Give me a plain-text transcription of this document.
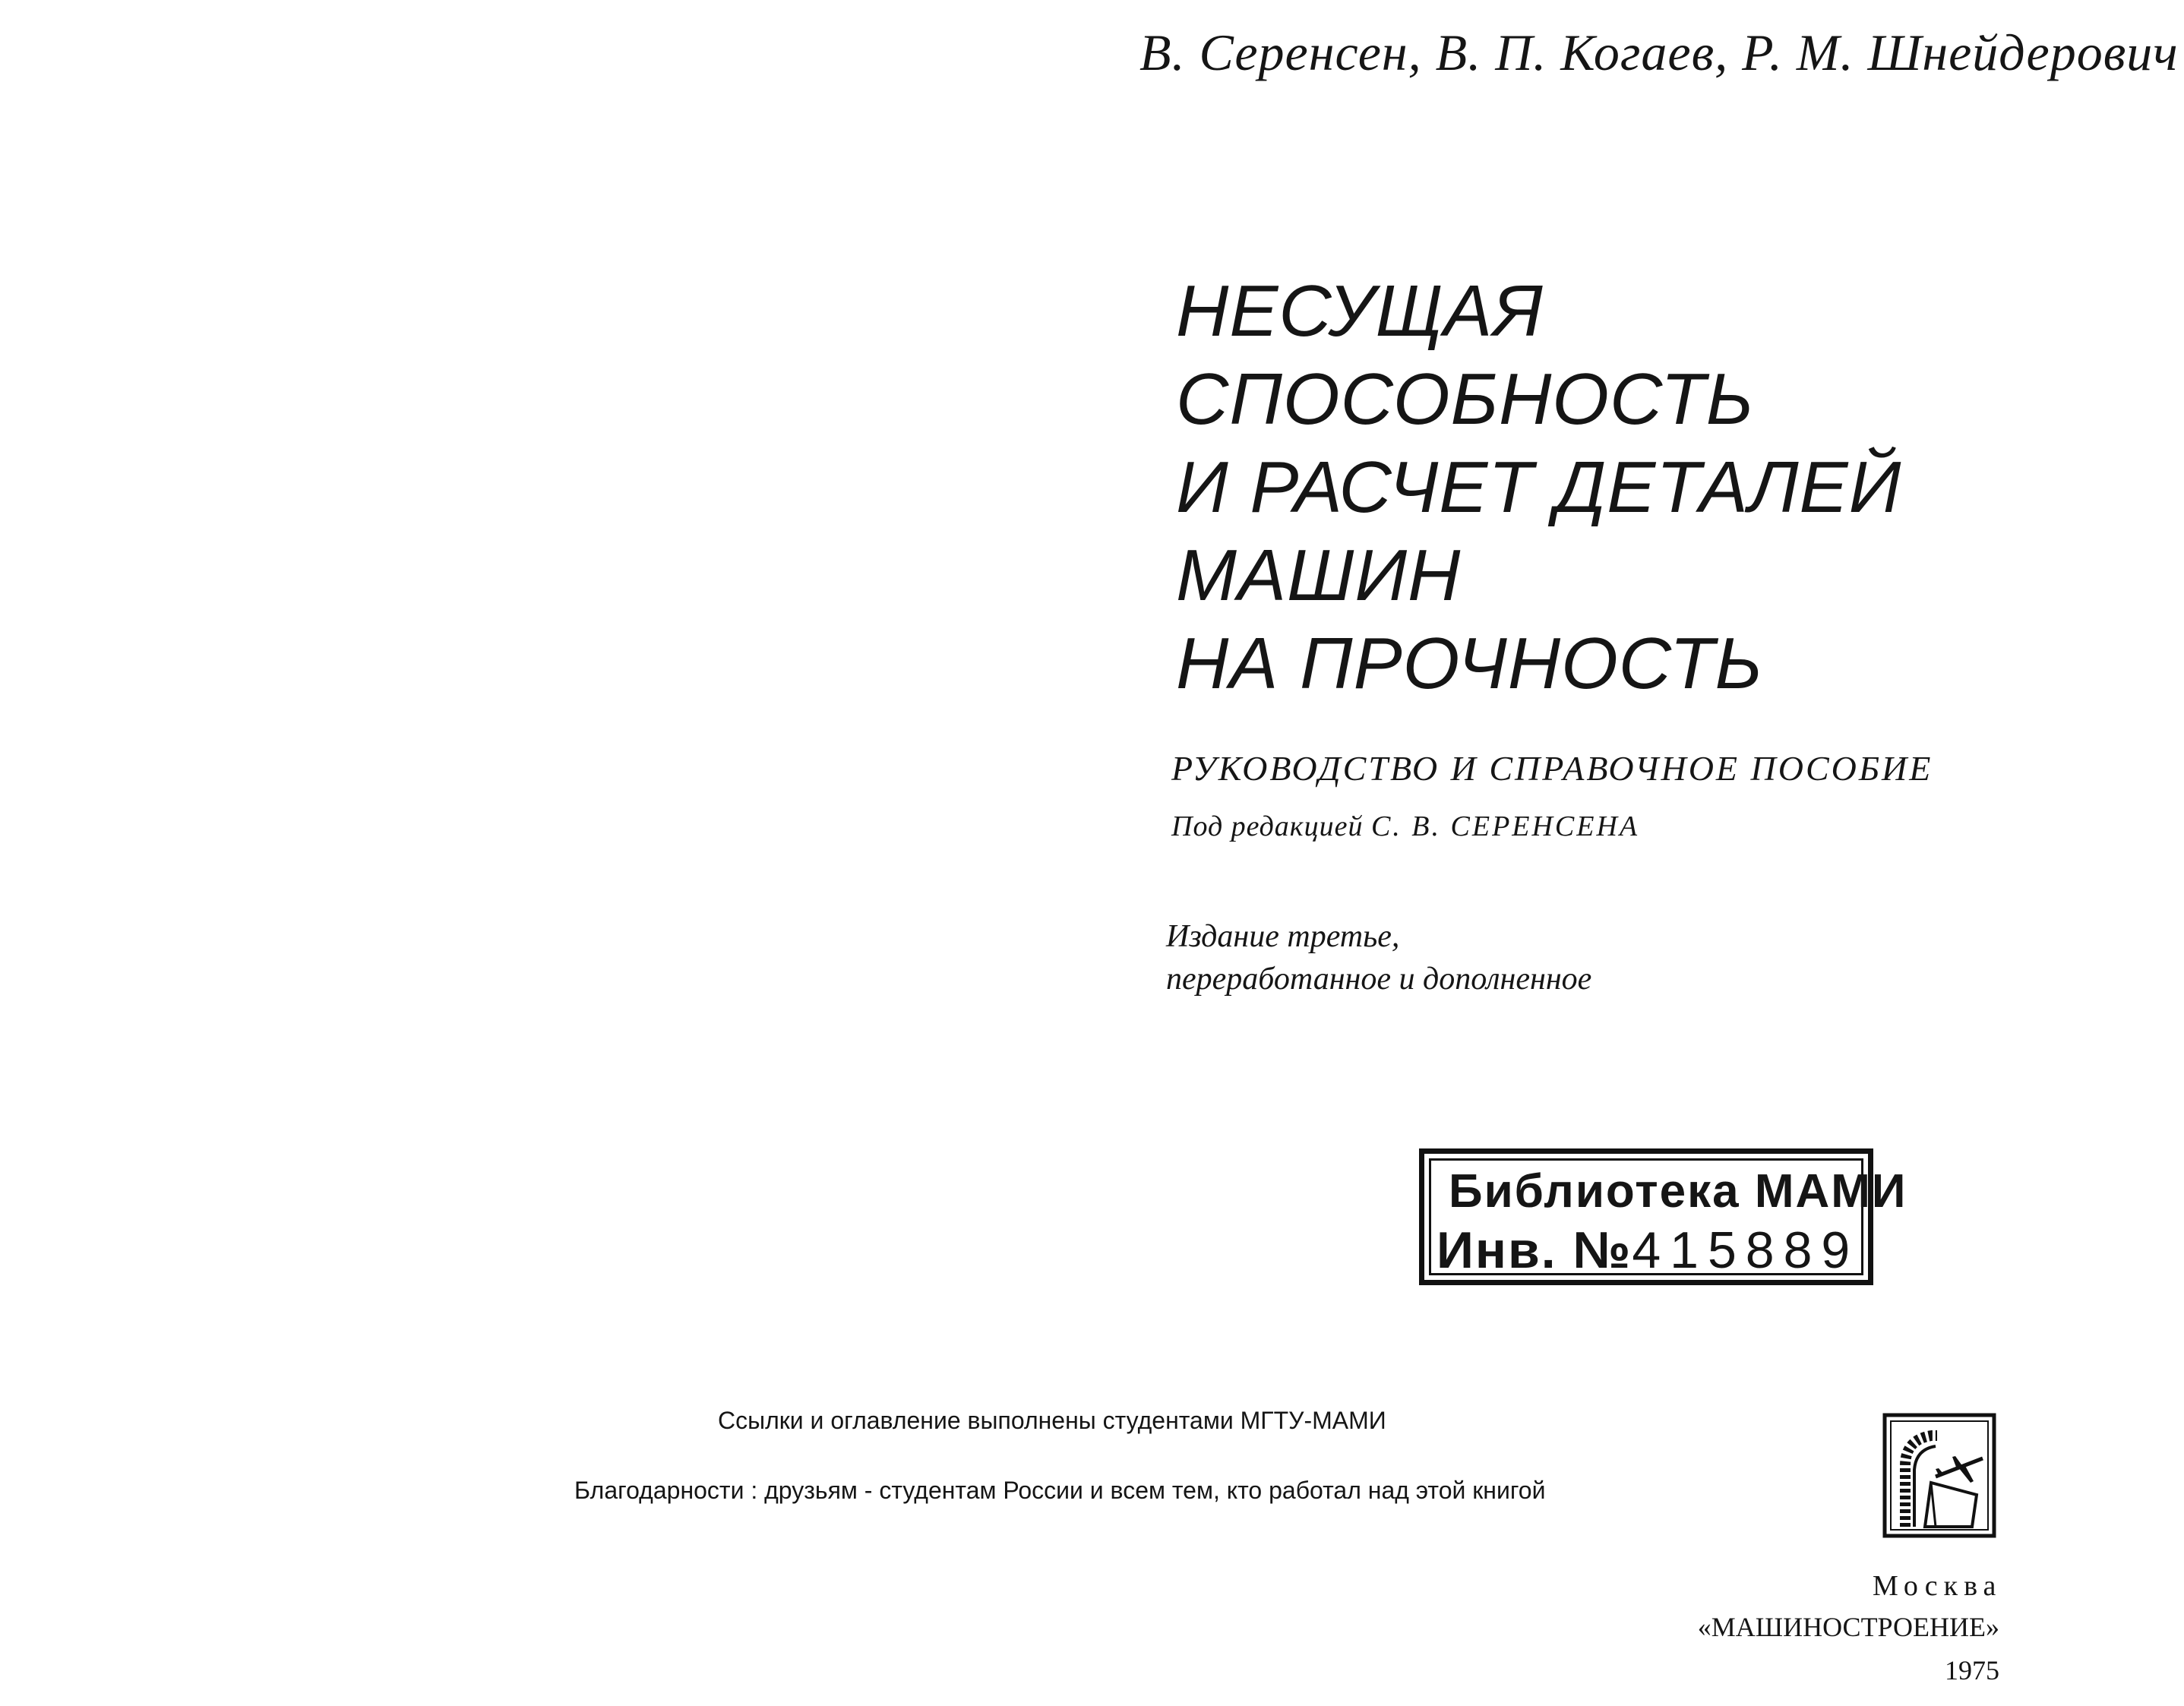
В. Серенсен, В. П. Когаев, Р. М. Шнейдерович
НЕСУЩАЯ
СПОСОБНОСТЬ
И РАСЧЕТ ДЕТАЛЕЙ
МАШИН
НА ПРОЧНОСТЬ
РУКОВОДСТВО И СПРАВОЧНОЕ ПОСОБИЕ
Под редакцией С. В. СЕРЕНСЕНА
Издание третье,
переработанное и дополненное
Библиотека МАМИ
Инв. №415889
Ссылки и оглавление выполнены студентами МГТУ-МАМИ
Благодарности : друзьям - студентам России и всем тем, кто работал над этой книгой
Москва
«МАШИНОСТРОЕНИЕ»
1975
